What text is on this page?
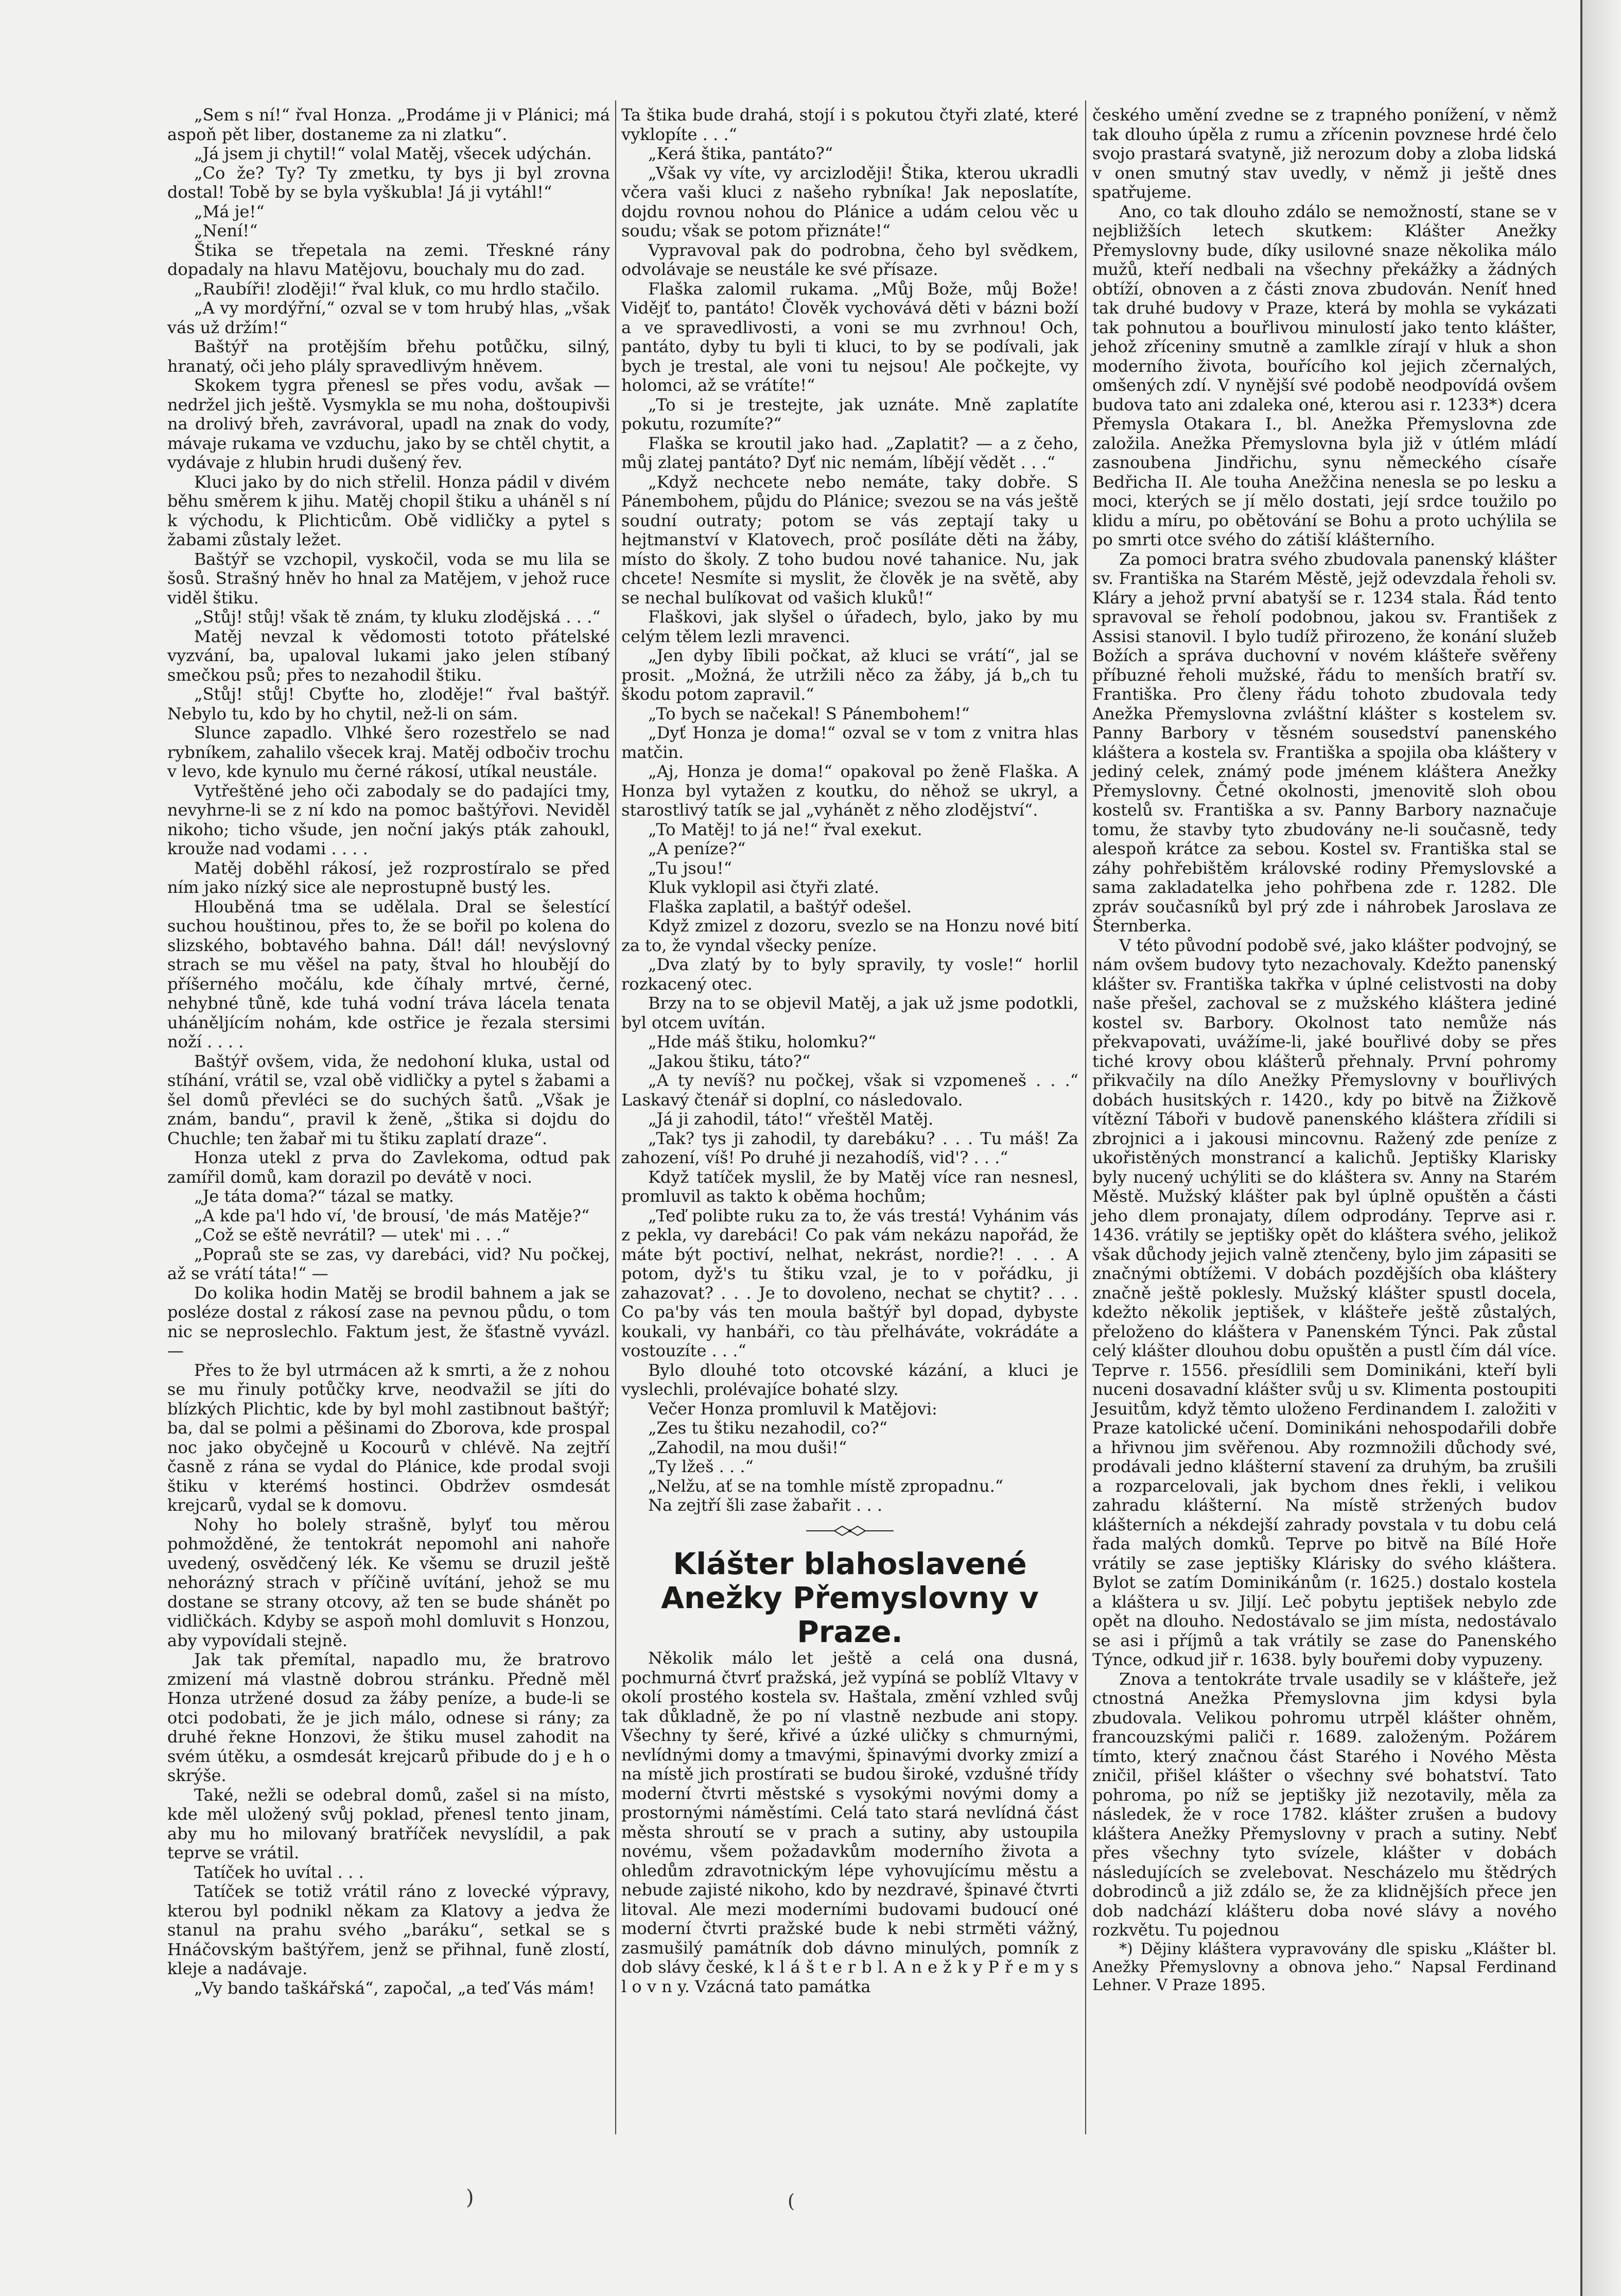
„Sem s ní!“ řval Honza. „Prodáme ji v Plánici; má aspoň pět liber, dostaneme za ni zlatku“.

„Já jsem ji chytil!“ volal Matěj, všecek udýchán.

„Co že? Ty? Ty zmetku, ty bys ji byl zrovna dostal! Tobě by se byla vyškubla! Já ji vytáhl!“

„Má je!“

„Není!“

Štika se třepetala na zemi. Třeskné rány dopadaly na hlavu Matějovu, bouchaly mu do zad.

„Raubíři! zloději!“ řval kluk, co mu hrdlo stačilo.

„A vy mordýřní,“ ozval se v tom hrubý hlas, „však vás už držím!“

Baštýř na protějším břehu potůčku, silný, hranatý, oči jeho plály spravedlivým hněvem.

Skokem tygra přenesl se přes vodu, avšak — nedržel jich ještě. Vysmykla se mu noha, doštoupivši na drolivý břeh, zavrávoral, upadl na znak do vody, mávaje rukama ve vzduchu, jako by se chtěl chytit, a vydávaje z hlubin hrudi dušený řev.

Kluci jako by do nich střelil. Honza pádil v divém běhu směrem k jihu. Matěj chopil štiku a uháněl s ní k východu, k Plichticům. Obě vidličky a pytel s žabami zůstaly ležet.

Baštýř se vzchopil, vyskočil, voda se mu lila se šosů. Strašný hněv ho hnal za Matějem, v jehož ruce viděl štiku.

„Stůj! stůj! však tě znám, ty kluku zlodějská . . .“

Matěj nevzal k vědomosti tototo přátelské vyzvání, ba, upaloval lukami jako jelen stíbaný smečkou psů; přes to nezahodil štiku.

„Stůj! stůj! Cbyťte ho, zloděje!“ řval baštýř. Nebylo tu, kdo by ho chytil, než-li on sám.

Slunce zapadlo. Vlhké šero rozestřelo se nad rybníkem, zahalilo všecek kraj. Matěj odbočiv trochu v levo, kde kynulo mu černé rákosí, utíkal neustále.

Vytřeštěné jeho oči zabodaly se do padajíci tmy, nevyhrne-li se z ní kdo na pomoc baštýřovi. Neviděl nikoho; ticho všude, jen noční jakýs pták zahoukl, krouže nad vodami . . . .

Matěj doběhl rákosí, jež rozprostíralo se před ním jako nízký sice ale neprostupně bustý les.

Hlouběná tma se udělala. Dral se šelestící suchou houštinou, přes to, že se bořil po kolena do slizského, bobtavého bahna. Dál! dál! nevýslovný strach se mu věšel na paty, štval ho hloubějí do příšerného močálu, kde číhaly mrtvé, černé, nehybné tůně, kde tuhá vodní tráva lácela tenata uháněljícím nohám, kde ostřice je řezala stersimi noží . . . .

Baštýř ovšem, vida, že nedohoní kluka, ustal od stíhání, vrátil se, vzal obě vidličky a pytel s žabami a šel domů převléci se do suchých šatů. „Však je znám, bandu“, pravil k ženě, „štika si dojdu do Chuchle; ten žabař mi tu štiku zaplatí draze“.

Honza utekl z prva do Zavlekoma, odtud pak zamířil domů, kam dorazil po devátě v noci.

„Je táta doma?“ tázal se matky.

„A kde pa'l hdo ví, 'de brousí, 'de más Matěje?“

„Což se eště nevrátil? — utek' mi . . .“

„Popraů ste se zas, vy darebáci, vid? Nu počkej, až se vrátí táta!“ —

Do kolika hodin Matěj se brodil bahnem a jak se posléze dostal z rákosí zase na pevnou půdu, o tom nic se neproslechlo. Faktum jest, že šťastně vyvázl. —

Přes to že byl utrmácen až k smrti, a že z nohou se mu řinuly potůčky krve, neodvažil se jíti do blízkých Plichtic, kde by byl mohl zastibnout baštýř; ba, dal se polmi a pěšinami do Zborova, kde prospal noc jako obyčejně u Kocourů v chlévě. Na zejtří časně z rána se vydal do Plánice, kde prodal svoji štiku v kterémś hostinci. Obdržev osmdesát krejcarů, vydal se k domovu.

Nohy ho bolely strašně, bylyť tou měrou pohmožděné, že tentokrát nepomohl ani nahoře uvedený, osvědčený lék. Ke všemu se druzil ještě nehorázný strach v příčině uvítání, jehož se mu dostane se strany otcovy, až ten se bude shánět po vidličkách. Kdyby se aspoň mohl domluvit s Honzou, aby vypovídali stejně.

Jak tak přemítal, napadlo mu, že bratrovo zmizení má vlastně dobrou stránku. Předně měl Honza utržené dosud za žáby peníze, a bude-li se otci podobati, že je jich málo, odnese si rány; za druhé řekne Honzovi, že štiku musel zahodit na svém útěku, a osmdesát krejcarů přibude do j e h o skrýše.

Také, nežli se odebral domů, zašel si na místo, kde měl uložený svůj poklad, přenesl tento jinam, aby mu ho milovaný bratříček nevyslídil, a pak teprve se vrátil.

Tatíček ho uvítal . . .

Tatíček se totiž vrátil ráno z lovecké výpravy, kterou byl podnikl někam za Klatovy a jedva že stanul na prahu svého „baráku“, setkal se s Hnáčovským baštýřem, jenž se přihnal, funě zlostí, kleje a nadávaje.

„Vy bando taškářská“, započal, „a teď Vás mám!

Ta štika bude drahá, stojí i s pokutou čtyři zlaté, které vyklopíte . . .“

„Kerá štika, pantáto?“

„Však vy víte, vy arcizloději! Štika, kterou ukradli včera vaši kluci z našeho rybníka! Jak neposlatíte, dojdu rovnou nohou do Plánice a udám celou věc u soudu; však se potom přiznáte!“

Vypravoval pak do podrobna, čeho byl svědkem, odvolávaje se neustále ke své přísaze.

Flaška zalomil rukama. „Můj Bože, můj Bože! Vidějť to, pantáto! Člověk vychovává děti v bázni boží a ve spravedlivosti, a voni se mu zvrhnou! Och, pantáto, dyby tu byli ti kluci, to by se podívali, jak bych je trestal, ale voni tu nejsou! Ale počkejte, vy holomci, až se vrátíte!“

„To si je trestejte, jak uznáte. Mně zaplatíte pokutu, rozumíte?“

Flaška se kroutil jako had. „Zaplatit? — a z čeho, můj zlatej pantáto? Dyť nic nemám, líbějí vědět . . .“

„Když nechcete nebo nemáte, taky dobře. S Pánembohem, půjdu do Plánice; svezou se na vás ještě soudní outraty; potom se vás zeptají taky u hejtmanství v Klatovech, proč posíláte děti na žáby, místo do školy. Z toho budou nové tahanice. Nu, jak chcete! Nesmíte si myslit, že člověk je na světě, aby se nechal bulíkovat od vašich kluků!“

Flaškovi, jak slyšel o úřadech, bylo, jako by mu celým tělem lezli mravenci.

„Jen dyby lībili počkat, až kluci se vrátí“, jal se prosit. „Možná, že utržili něco za žáby, já b„ch tu škodu potom zapravil.“

„To bych se načekal! S Pánembohem!“

„Dyť Honza je doma!“ ozval se v tom z vnitra hlas matčin.

„Aj, Honza je doma!“ opakoval po ženě Flaška. A Honza byl vytažen z koutku, do něhož se ukryl, a starostlivý tatík se jal „vyhánět z něho zlodějství“.

„To Matěj! to já ne!“ řval exekut.

„A peníze?“

„Tu jsou!“

Kluk vyklopil asi čtyři zlaté.

Flaška zaplatil, a baštýř odešel.

Když zmizel z dozoru, svezlo se na Honzu nové bití za to, že vyndal všecky peníze.

„Dva zlatý by to byly spravily, ty vosle!“ horlil rozkacený otec.

Brzy na to se objevil Matěj, a jak už jsme podotkli, byl otcem uvítán.

„Hde máš štiku, holomku?“

„Jakou štiku, táto?“

„A ty nevíš? nu počkej, však si vzpomeneš . . .“ Laskavý čtenář si doplní, co následovalo.

„Já ji zahodil, táto!“ vřeštěl Matěj.

„Tak? tys ji zahodil, ty darebáku? . . . Tu máš! Za zahození, víš! Po druhé ji nezahodíš, vid'? . . .“

Když tatíček myslil, že by Matěj více ran nesnesl, promluvil as takto k oběma hochům;

„Teď polibte ruku za to, že vás trestá! Vyhánim vás z pekla, vy darebáci! Co pak vám nekázu napořád, že máte být poctiví, nelhat, nekrást, nordie?! . . . A potom, dyž's tu štiku vzal, je to v pořádku, ji zahazovat? . . . Je to dovoleno, nechat se chytit? . . . Co pa'by vás ten moula baštýř byl dopad, dybyste koukali, vy hanbáři, co tàu přelháváte, vokrádáte a vostouzíte . . .“

Bylo dlouhé toto otcovské kázání, a kluci je vyslechli, prolévajíce bohaté slzy.

Večer Honza promluvil k Matějovi:

„Zes tu štiku nezahodil, co?“

„Zahodil, na mou duši!“

„Ty lžeš . . .“

„Nelžu, ať se na tomhle místě zpropadnu.“

Na zejtří šli zase žabařit . . .

Klášter blahoslavené Anežky Přemyslovny v Praze.

Několik málo let ještě a celá ona dusná, pochmurná čtvrť pražská, jež vypíná se poblíž Vltavy v okolí prostého kostela sv. Haštala, změní vzhled svůj tak důkladně, že po ní vlastně nezbude ani stopy. Všechny ty šeré, křivé a úzké uličky s chmurnými, nevlídnými domy a tmavými, špinavými dvorky zmizí a na místě jich prostírati se budou široké, vzdušné třídy moderní čtvrti městské s vysokými novými domy a prostornými náměstími. Celá tato stará nevlídná část města shroutí se v prach a sutiny, aby ustoupila novému, všem požadavkům moderního života a ohledům zdravotnickým lépe vyhovujícímu městu a nebude zajisté nikoho, kdo by nezdravé, špinavé čtvrti litoval. Ale mezi moderními budovami budoucí oné moderní čtvrti pražské bude k nebi strměti vážný, zasmušilý památník dob dávno minulých, pomník z dob slávy české, k l á š t e r b l. A n e ž k y P ř e m y s l o v n y. Vzácná tato památka

českého umění zvedne se z trapného ponížení, v němž tak dlouho úpěla z rumu a zřícenin povznese hrdé čelo svojo prastará svatyně, již nerozum doby a zloba lidská v onen smutný stav uvedly, v němž ji ještě dnes spatřujeme.

Ano, co tak dlouho zdálo se nemožností, stane se v nejbližších letech skutkem: Klášter Anežky Přemyslovny bude, díky usilovné snaze několika málo mužů, kteří nedbali na všechny překážky a žádných obtíží, obnoven a z části znova zbudován. Neníť hned tak druhé budovy v Praze, která by mohla se vykázati tak pohnutou a bouřlivou minulostí jako tento klášter, jehož zříceniny smutně a zamlkle zírají v hluk a shon moderního života, bouřícího kol jejich zčernalých, omšených zdí. V nynější své podobě neodpovídá ovšem budova tato ani zdaleka oné, kterou asi r. 1233*) dcera Přemysla Otakara I., bl. Anežka Přemyslovna zde založila. Anežka Přemyslovna byla již v útlém mládí zasnoubena Jindřichu, synu německého císaře Bedřicha II. Ale touha Anežčina nenesla se po lesku a moci, kterých se jí mělo dostati, její srdce toužilo po klidu a míru, po obětování se Bohu a proto uchýlila se po smrti otce svého do zátiší klášterního.

Za pomoci bratra svého zbudovala panenský klášter sv. Františka na Starém Městě, jejž odevzdala řeholi sv. Kláry a jehož první abatyší se r. 1234 stala. Řád tento spravoval se řeholí podobnou, jakou sv. František z Assisi stanovil. I bylo tudíž přirozeno, že konání služeb Božích a správa duchovní v novém klášteře svěřeny příbuzné řeholi mužské, řádu to menších bratří sv. Františka. Pro členy řádu tohoto zbudovala tedy Anežka Přemyslovna zvláštní klášter s kostelem sv. Panny Barbory v těsném sousedství panenského kláštera a kostela sv. Františka a spojila oba kláštery v jediný celek, známý pode jménem kláštera Anežky Přemyslovny. Četné okolnosti, jmenovitě sloh obou kostelů sv. Františka a sv. Panny Barbory naznačuje tomu, že stavby tyto zbudovány ne-li současně, tedy alespoň krátce za sebou. Kostel sv. Františka stal se záhy pohřebištěm královské rodiny Přemyslovské a sama zakladatelka jeho pohřbena zde r. 1282. Dle zpráv současníků byl prý zde i náhrobek Jaroslava ze Šternberka.

V této původní podobě své, jako klášter podvojný, se nám ovšem budovy tyto nezachovaly. Kdežto panenský klášter sv. Františka takřka v úplné celistvosti na doby naše přešel, zachoval se z mužského kláštera jediné kostel sv. Barbory. Okolnost tato nemůže nás překvapovati, uvážíme-li, jaké bouřlivé doby se přes tiché krovy obou klášterů přehnaly. První pohromy přikvačily na dílo Anežky Přemyslovny v bouřlivých dobách husitských r. 1420., kdy po bitvě na Žižkově vítězní Táboři v budově panenského kláštera zřídili si zbrojnici a i jakousi mincovnu. Ražený zde peníze z ukořistěných monstrancí a kalichů. Jeptišky Klarisky byly nucený uchýliti se do kláštera sv. Anny na Starém Městě. Mužský klášter pak byl úplně opuštěn a části jeho dlem pronajaty, dílem odprodány. Teprve asi r. 1436. vrátily se jeptišky opět do kláštera svého, jelikož však důchody jejich valně ztenčeny, bylo jim zápasiti se značnými obtížemi. V dobách pozdějších oba kláštery značně ještě poklesly. Mužský klášter spustl docela, kdežto několik jeptišek, v klášteře ještě zůstalých, přeloženo do kláštera v Panenském Týnci. Pak zůstal celý klášter dlouhou dobu opuštěn a pustl čím dál více. Teprve r. 1556. přesídlili sem Dominikáni, kteří byli nuceni dosavadní klášter svůj u sv. Klimenta postoupiti Jesuitům, když těmto uloženo Ferdinandem I. založiti v Praze katolické učení. Dominikáni nehospodařili dobře a hřivnou jim svěřenou. Aby rozmnožili důchody své, prodávali jedno klášterní stavení za druhým, ba zrušili a rozparcelovali, jak bychom dnes řekli, i velikou zahradu klášterní. Na místě stržených budov klášterních a nékdejší zahrady povstala v tu dobu celá řada malých domků. Teprve po bitvě na Bílé Hoře vrátily se zase jeptišky Klárisky do svého kláštera. Bylot se zatím Dominikánům (r. 1625.) dostalo kostela a kláštera u sv. Jiljí. Leč pobytu jeptišek nebylo zde opět na dlouho. Nedostávalo se jim místa, nedostávalo se asi i příjmů a tak vrátily se zase do Panenského Týnce, odkud jiř r. 1638. byly bouřemi doby vypuzeny.

Znova a tentokráte trvale usadily se v klášteře, jež ctnostná Anežka Přemyslovna jim kdysi byla zbudovala. Velikou pohromu utrpěl klášter ohněm, francouzskými paliči r. 1689. založeným. Požárem tímto, který značnou část Starého i Nového Města zničil, přišel klášter o všechny své bohatství. Tato pohroma, po níž se jeptišky již nezotavily, měla za následek, že v roce 1782. klášter zrušen a budovy kláštera Anežky Přemyslovny v prach a sutiny. Nebť přes všechny tyto svízele, klášter v dobách následujících se zvelebovat. Nescházelo mu štědrých dobrodinců a již zdálo se, že za klidnějších přece jen dob nadchází klášteru doba nové slávy a nového rozkvětu. Tu pojednou

*) Dějiny kláštera vypravovány dle spisku „Klášter bl. Anežky Přemyslovny a obnova jeho.“ Napsal Ferdinand Lehner. V Praze 1895.

)	(
